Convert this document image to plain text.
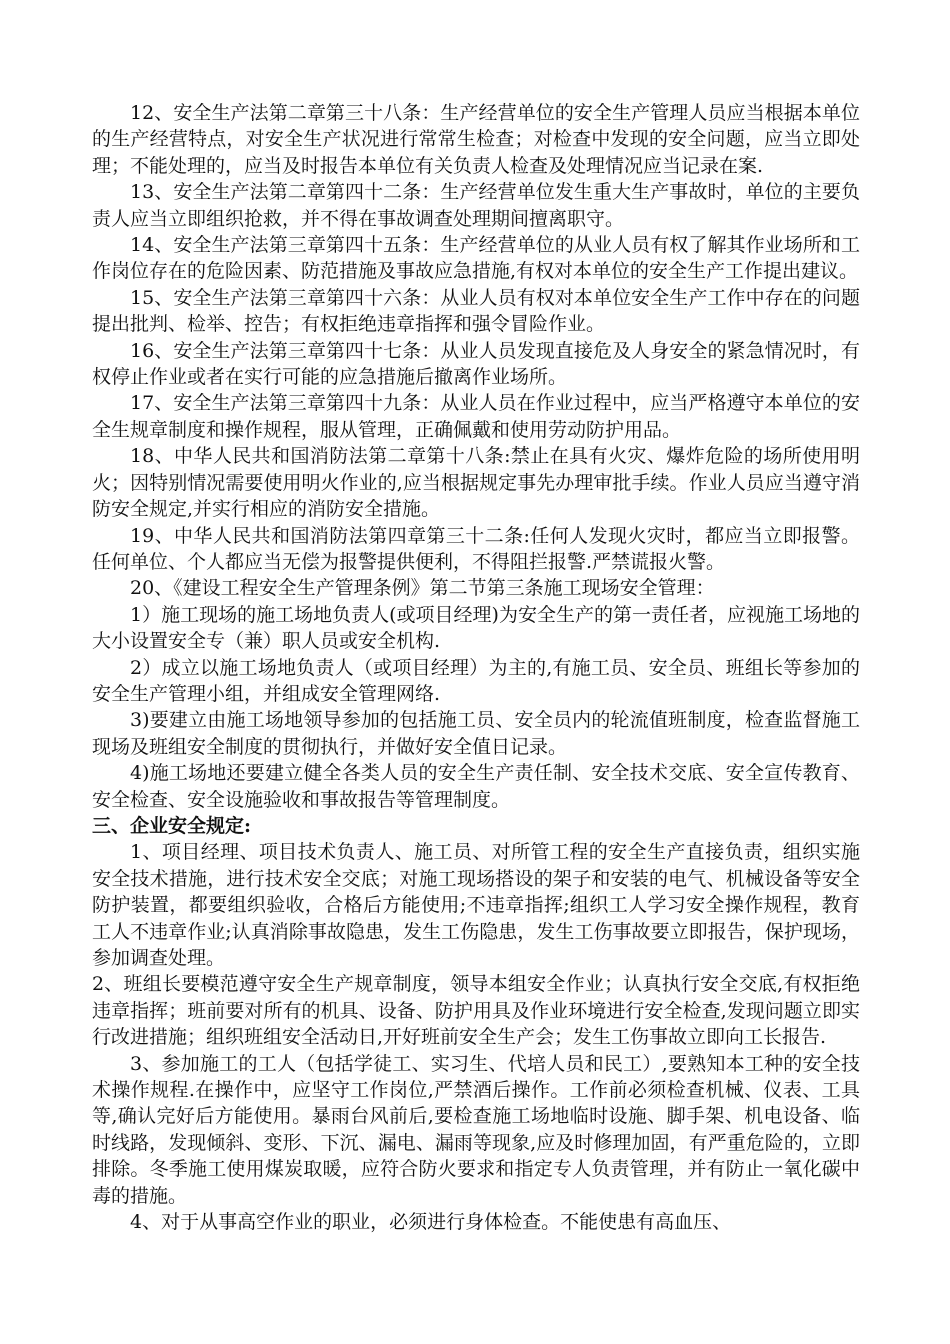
12、安全生产法第二章第三十八条：生产经营单位的安全生产管理人员应当根据本单位的生产经营特点，对安全生产状况进行常常生检查；对检查中发现的安全问题，应当立即处理；不能处理的，应当及时报告本单位有关负责人检查及处理情况应当记录在案.

13、安全生产法第二章第四十二条：生产经营单位发生重大生产事故时，单位的主要负责人应当立即组织抢救，并不得在事故调查处理期间擅离职守。

14、安全生产法第三章第四十五条：生产经营单位的从业人员有权了解其作业场所和工作岗位存在的危险因素、防范措施及事故应急措施,有权对本单位的安全生产工作提出建议。

15、安全生产法第三章第四十六条：从业人员有权对本单位安全生产工作中存在的问题提出批判、检举、控告；有权拒绝违章指挥和强令冒险作业。

16、安全生产法第三章第四十七条：从业人员发现直接危及人身安全的紧急情况时，有权停止作业或者在实行可能的应急措施后撤离作业场所。

17、安全生产法第三章第四十九条：从业人员在作业过程中，应当严格遵守本单位的安全生规章制度和操作规程，服从管理，正确佩戴和使用劳动防护用品。

18、中华人民共和国消防法第二章第十八条:禁止在具有火灾、爆炸危险的场所使用明火；因特别情况需要使用明火作业的,应当根据规定事先办理审批手续。作业人员应当遵守消防安全规定,并实行相应的消防安全措施。

19、中华人民共和国消防法第四章第三十二条:任何人发现火灾时，都应当立即报警。任何单位、个人都应当无偿为报警提供便利，不得阻拦报警.严禁谎报火警。

20、《建设工程安全生产管理条例》第二节第三条施工现场安全管理：

1）施工现场的施工场地负责人(或项目经理)为安全生产的第一责任者，应视施工场地的大小设置安全专（兼）职人员或安全机构.

2）成立以施工场地负责人（或项目经理）为主的,有施工员、安全员、班组长等参加的安全生产管理小组，并组成安全管理网络.

3)要建立由施工场地领导参加的包括施工员、安全员内的轮流值班制度，检查监督施工现场及班组安全制度的贯彻执行，并做好安全值日记录。

4)施工场地还要建立健全各类人员的安全生产责任制、安全技术交底、安全宣传教育、安全检查、安全设施验收和事故报告等管理制度。

三、企业安全规定:

1、项目经理、项目技术负责人、施工员、对所管工程的安全生产直接负责，组织实施安全技术措施，进行技术安全交底；对施工现场搭设的架子和安装的电气、机械设备等安全防护装置，都要组织验收，合格后方能使用;不违章指挥;组织工人学习安全操作规程，教育工人不违章作业;认真消除事故隐患，发生工伤隐患，发生工伤事故要立即报告，保护现场，参加调查处理。

2、班组长要模范遵守安全生产规章制度，领导本组安全作业；认真执行安全交底,有权拒绝违章指挥；班前要对所有的机具、设备、防护用具及作业环境进行安全检查,发现问题立即实行改进措施；组织班组安全活动日,开好班前安全生产会；发生工伤事故立即向工长报告.

3、参加施工的工人（包括学徒工、实习生、代培人员和民工）,要熟知本工种的安全技术操作规程.在操作中，应坚守工作岗位,严禁酒后操作。工作前必须检查机械、仪表、工具等,确认完好后方能使用。暴雨台风前后,要检查施工场地临时设施、脚手架、机电设备、临时线路，发现倾斜、变形、下沉、漏电、漏雨等现象,应及时修理加固，有严重危险的，立即排除。冬季施工使用煤炭取暖，应符合防火要求和指定专人负责管理，并有防止一氧化碳中毒的措施。

4、对于从事高空作业的职业，必须进行身体检查。不能使患有高血压、
